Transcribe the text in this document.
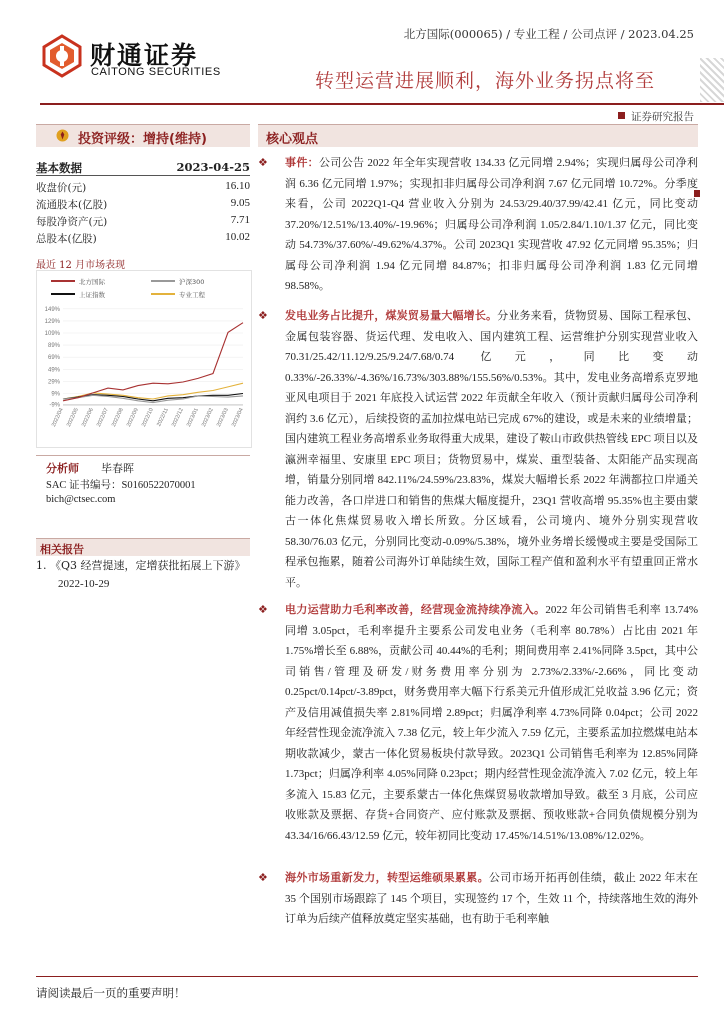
北方国际(000065) / 专业工程 / 公司点评 / 2023.04.25
财通证券
CAITONG SECURITIES	转型运营进展顺利，海外业务拐点将至
证券研究报告
投资评级：增持(维持)
基本数据	2023-04-25
收盘价(元)	16.10
流通股本(亿股)	9.05
每股净资产(元)	7.71
总股本(亿股)	10.02
最近 12 月市场表现
北方国际	沪深300
上证指数	专业工程
-9%
9%
29%
49%
69%
89%
109%
129%
149%
2022/04 2022/05 2022/06 2022/07 2022/08 2022/09 2022/10 2022/11 2022/12 2023/01 2023/02 2023/03 2023/04
分析师 毕春晖
SAC 证书编号：S0160522070001
bich@ctsec.com
相关报告
1. 《Q3 经营提速，定增获批拓展上下游》2022-10-29
核心观点
❖ 事件：公司公告 2022 年全年实现营收 134.33 亿元同增 2.94%；实现归属母公司净利润 6.36 亿元同增 1.97%；实现扣非归属母公司净利润 7.67 亿元同增 10.72%。分季度来看，公司 2022Q1-Q4 营业收入分别为 24.53/29.40/37.99/42.41 亿元，同比变动 37.20%/12.51%/13.40%/-19.96%；归属母公司净利润 1.05/2.84/1.10/1.37 亿元，同比变动 54.73%/37.60%/-49.62%/4.37%。公司 2023Q1 实现营收 47.92 亿元同增 95.35%；归属母公司净利润 1.94 亿元同增 84.87%；扣非归属母公司净利润 1.83 亿元同增 98.58%。

❖ 发电业务占比提升，煤炭贸易量大幅增长。分业务来看，货物贸易、国际工程承包、金属包装容器、货运代理、发电收入、国内建筑工程、运营维护分别实现营业收入 70.31/25.42/11.12/9.25/9.24/7.68/0.74 亿元，同比变动 0.33%/-26.33%/-4.36%/16.73%/303.88%/155.56%/0.53%。其中，发电业务高增系克罗地亚风电项目于 2021 年底投入试运营 2022 年贡献全年收入（预计贡献归属母公司净利润约 3.6 亿元），后续投资的孟加拉煤电站已完成 67%的建设，或是未来的业绩增量；国内建筑工程业务高增系业务取得重大成果，建设了鞍山市政供热管线 EPC 项目以及瀛洲幸福里、安康里 EPC 项目；货物贸易中，煤炭、重型装备、太阳能产品实现高增，销量分别同增 842.11%/24.59%/23.83%，煤炭大幅增长系 2022 年满都拉口岸通关能力改善，各口岸进口和销售的焦煤大幅度提升，23Q1 营收高增 95.35%也主要由蒙古一体化焦煤贸易收入增长所致。分区域看，公司境内、境外分别实现营收 58.30/76.03 亿元，分别同比变动-0.09%/5.38%，境外业务增长缓慢或主要是受国际工程承包拖累，随着公司海外订单陆续生效，国际工程产值和盈利水平有望重回正常水平。

❖ 电力运营助力毛利率改善，经营现金流持续净流入。2022 年公司销售毛利率 13.74%同增 3.05pct，毛利率提升主要系公司发电业务（毛利率 80.78%）占比由 2021 年 1.75%增长至 6.88%，贡献公司 40.44%的毛利；期间费用率 2.41%同降 3.5pct，其中公司销售/管理及研发/财务费用率分别为 2.73%/2.33%/-2.66%，同比变动 0.25pct/0.14pct/-3.89pct，财务费用率大幅下行系美元升值形成汇兑收益 3.96 亿元；资产及信用减值损失率 2.81%同增 2.89pct；归属净利率 4.73%同降 0.04pct；公司 2022 年经营性现金流净流入 7.38 亿元，较上年少流入 7.59 亿元，主要系孟加拉燃煤电站本期收款减少，蒙古一体化贸易板块付款导致。2023Q1 公司销售毛利率为 12.85%同降 1.73pct；归属净利率 4.05%同降 0.23pct；期内经营性现金流净流入 7.02 亿元，较上年多流入 15.83 亿元，主要系蒙古一体化焦煤贸易收款增加导致。截至 3 月底，公司应收账款及票据、存货+合同资产、应付账款及票据、预收账款+合同负债规模分别为 43.34/16/66.43/12.59 亿元，较年初同比变动 17.45%/14.51%/13.08%/12.02%。

❖ 海外市场重新发力，转型运维硕果累累。公司市场开拓再创佳绩，截止 2022 年末在 35 个国别市场跟踪了 145 个项目，实现签约 17 个，生效 11 个，持续落地生效的海外订单为后续产值释放奠定坚实基础，也有助于毛利率触

请阅读最后一页的重要声明！
